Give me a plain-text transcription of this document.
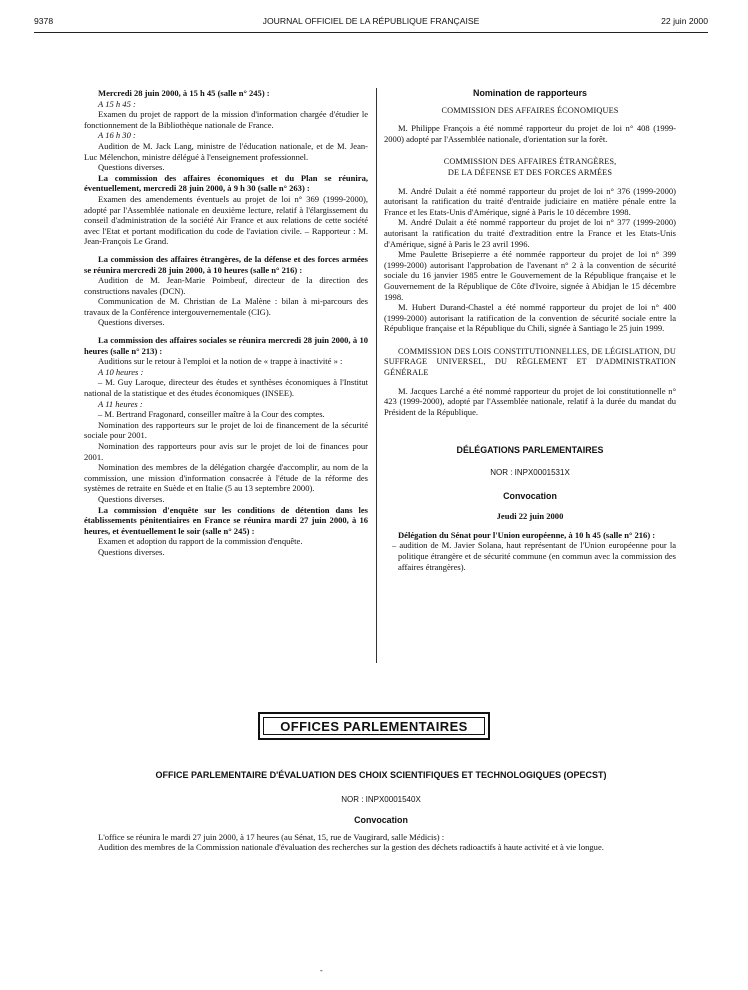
9378	JOURNAL OFFICIEL DE LA RÉPUBLIQUE FRANÇAISE	22 juin 2000

Mercredi 28 juin 2000, à 15 h 45 (salle n° 245) :

A 15 h 45 :

Examen du projet de rapport de la mission d'information chargée d'étudier le fonctionnement de la Bibliothèque nationale de France.

A 16 h 30 :

Audition de M. Jack Lang, ministre de l'éducation nationale, et de M. Jean-Luc Mélenchon, ministre délégué à l'enseignement professionnel.

Questions diverses.

La commission des affaires économiques et du Plan se réunira, éventuellement, mercredi 28 juin 2000, à 9 h 30 (salle n° 263) :

Examen des amendements éventuels au projet de loi n° 369 (1999-2000), adopté par l'Assemblée nationale en deuxième lecture, relatif à l'élargissement du conseil d'administration de la société Air France et aux relations de cette société avec l'Etat et portant modification du code de l'aviation civile. – Rapporteur : M. Jean-François Le Grand.

La commission des affaires étrangères, de la défense et des forces armées se réunira mercredi 28 juin 2000, à 10 heures (salle n° 216) :

Audition de M. Jean-Marie Poimbeuf, directeur de la direction des constructions navales (DCN).

Communication de M. Christian de La Malène : bilan à mi-parcours des travaux de la Conférence intergouvernementale (CIG).

Questions diverses.

La commission des affaires sociales se réunira mercredi 28 juin 2000, à 10 heures (salle n° 213) :

Auditions sur le retour à l'emploi et la notion de « trappe à inactivité » :

A 10 heures :

– M. Guy Laroque, directeur des études et synthèses économiques à l'Institut national de la statistique et des études économiques (INSEE).

A 11 heures :

– M. Bertrand Fragonard, conseiller maître à la Cour des comptes.

Nomination des rapporteurs sur le projet de loi de financement de la sécurité sociale pour 2001.

Nomination des rapporteurs pour avis sur le projet de loi de finances pour 2001.

Nomination des membres de la délégation chargée d'accomplir, au nom de la commission, une mission d'information consacrée à l'étude de la réforme des systèmes de retraite en Suède et en Italie (5 au 13 septembre 2000).

Questions diverses.

La commission d'enquête sur les conditions de détention dans les établissements pénitentiaires en France se réunira mardi 27 juin 2000, à 16 heures, et éventuellement le soir (salle n° 245) :

Examen et adoption du rapport de la commission d'enquête.

Questions diverses.

Nomination de rapporteurs

COMMISSION DES AFFAIRES ÉCONOMIQUES

M. Philippe François a été nommé rapporteur du projet de loi n° 408 (1999-2000) adopté par l'Assemblée nationale, d'orientation sur la forêt.

COMMISSION DES AFFAIRES ÉTRANGÈRES,

DE LA DÉFENSE ET DES FORCES ARMÉES

M. André Dulait a été nommé rapporteur du projet de loi n° 376 (1999-2000) autorisant la ratification du traité d'entraide judiciaire en matière pénale entre la France et les Etats-Unis d'Amérique, signé à Paris le 10 décembre 1998.

M. André Dulait a été nommé rapporteur du projet de loi n° 377 (1999-2000) autorisant la ratification du traité d'extradition entre la France et les Etats-Unis d'Amérique, signé à Paris le 23 avril 1996.

Mme Paulette Brisepierre a été nommée rapporteur du projet de loi n° 399 (1999-2000) autorisant l'approbation de l'avenant n° 2 à la convention de sécurité sociale du 16 janvier 1985 entre le Gouvernement de la République française et le Gouvernement de la République de Côte d'Ivoire, signée à Abidjan le 15 décembre 1998.

M. Hubert Durand-Chastel a été nommé rapporteur du projet de loi n° 400 (1999-2000) autorisant la ratification de la convention de sécurité sociale entre la République française et la République du Chili, signée à Santiago le 25 juin 1999.

COMMISSION DES LOIS CONSTITUTIONNELLES, DE LÉGISLATION, DU SUFFRAGE UNIVERSEL, DU RÈGLEMENT ET D'ADMINISTRATION GÉNÉRALE

M. Jacques Larché a été nommé rapporteur du projet de loi constitutionnelle n° 423 (1999-2000), adopté par l'Assemblée nationale, relatif à la durée du mandat du Président de la République.

DÉLÉGATIONS PARLEMENTAIRES

NOR : INPX0001531X

Convocation

Jeudi 22 juin 2000

Délégation du Sénat pour l'Union européenne, à 10 h 45 (salle n° 216) :

– audition de M. Javier Solana, haut représentant de l'Union européenne pour la politique étrangère et de sécurité commune (en commun avec la commission des affaires étrangères).

OFFICES PARLEMENTAIRES

OFFICE PARLEMENTAIRE D'ÉVALUATION DES CHOIX SCIENTIFIQUES ET TECHNOLOGIQUES (OPECST)

NOR : INPX0001540X

Convocation

L'office se réunira le mardi 27 juin 2000, à 17 heures (au Sénat, 15, rue de Vaugirard, salle Médicis) :

Audition des membres de la Commission nationale d'évaluation des recherches sur la gestion des déchets radioactifs à haute activité et à vie longue.

-
